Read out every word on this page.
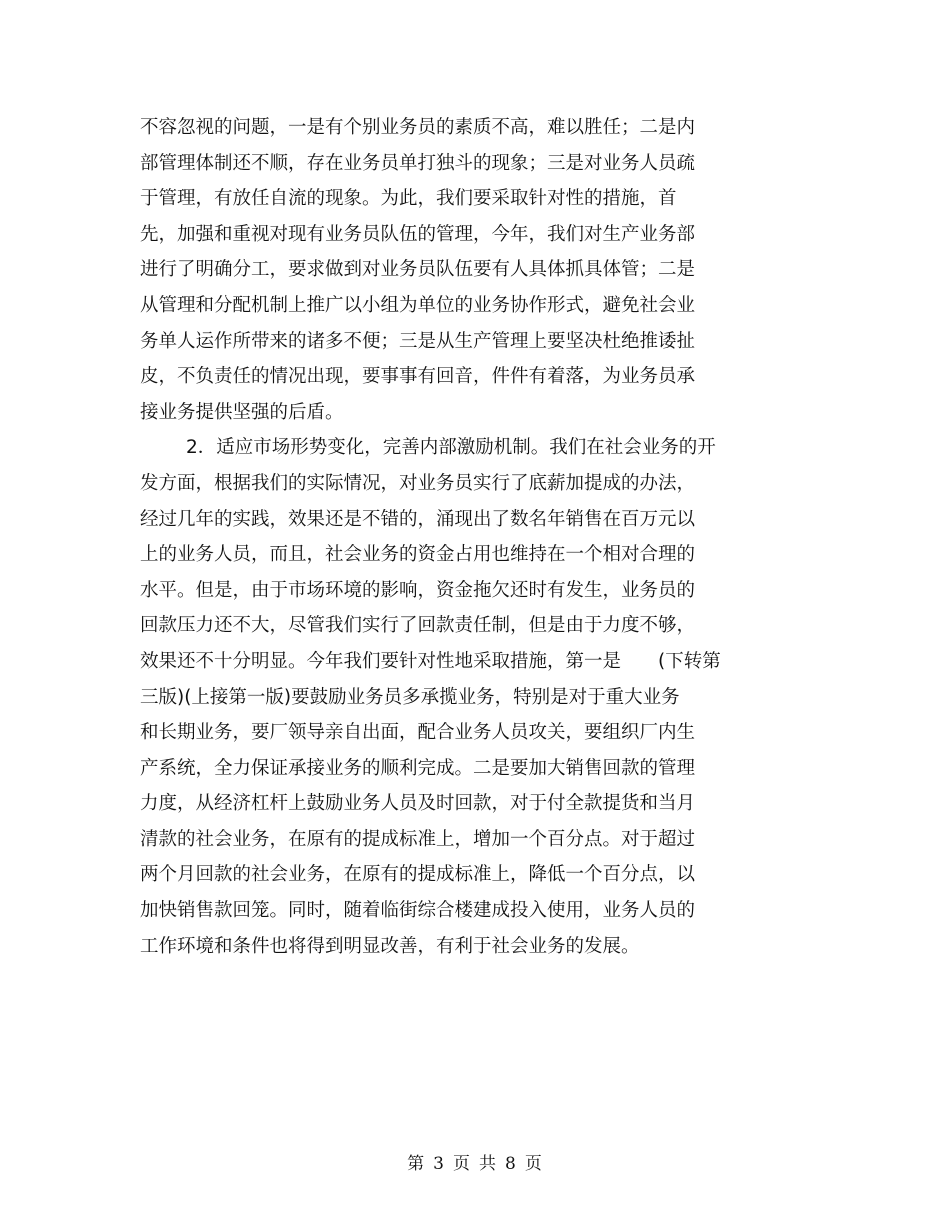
不容忽视的问题，一是有个别业务员的素质不高，难以胜任；二是内
部管理体制还不顺，存在业务员单打独斗的现象；三是对业务人员疏
于管理，有放任自流的现象。为此，我们要采取针对性的措施，首
先，加强和重视对现有业务员队伍的管理，今年，我们对生产业务部
进行了明确分工，要求做到对业务员队伍要有人具体抓具体管；二是
从管理和分配机制上推广以小组为单位的业务协作形式，避免社会业
务单人运作所带来的诸多不便；三是从生产管理上要坚决杜绝推诿扯
皮，不负责任的情况出现，要事事有回音，件件有着落，为业务员承
接业务提供坚强的后盾。
2．适应市场形势变化，完善内部激励机制。我们在社会业务的开
发方面，根据我们的实际情况，对业务员实行了底薪加提成的办法，
经过几年的实践，效果还是不错的，涌现出了数名年销售在百万元以
上的业务人员，而且，社会业务的资金占用也维持在一个相对合理的
水平。但是，由于市场环境的影响，资金拖欠还时有发生，业务员的
回款压力还不大，尽管我们实行了回款责任制，但是由于力度不够，
效果还不十分明显。今年我们要针对性地采取措施，第一是　　(下转第
三版)(上接第一版)要鼓励业务员多承揽业务，特别是对于重大业务
和长期业务，要厂领导亲自出面，配合业务人员攻关，要组织厂内生
产系统，全力保证承接业务的顺利完成。二是要加大销售回款的管理
力度，从经济杠杆上鼓励业务人员及时回款，对于付全款提货和当月
清款的社会业务，在原有的提成标准上，增加一个百分点。对于超过
两个月回款的社会业务，在原有的提成标准上，降低一个百分点，以
加快销售款回笼。同时，随着临街综合楼建成投入使用，业务人员的
工作环境和条件也将得到明显改善，有利于社会业务的发展。
第 3 页 共 8 页
